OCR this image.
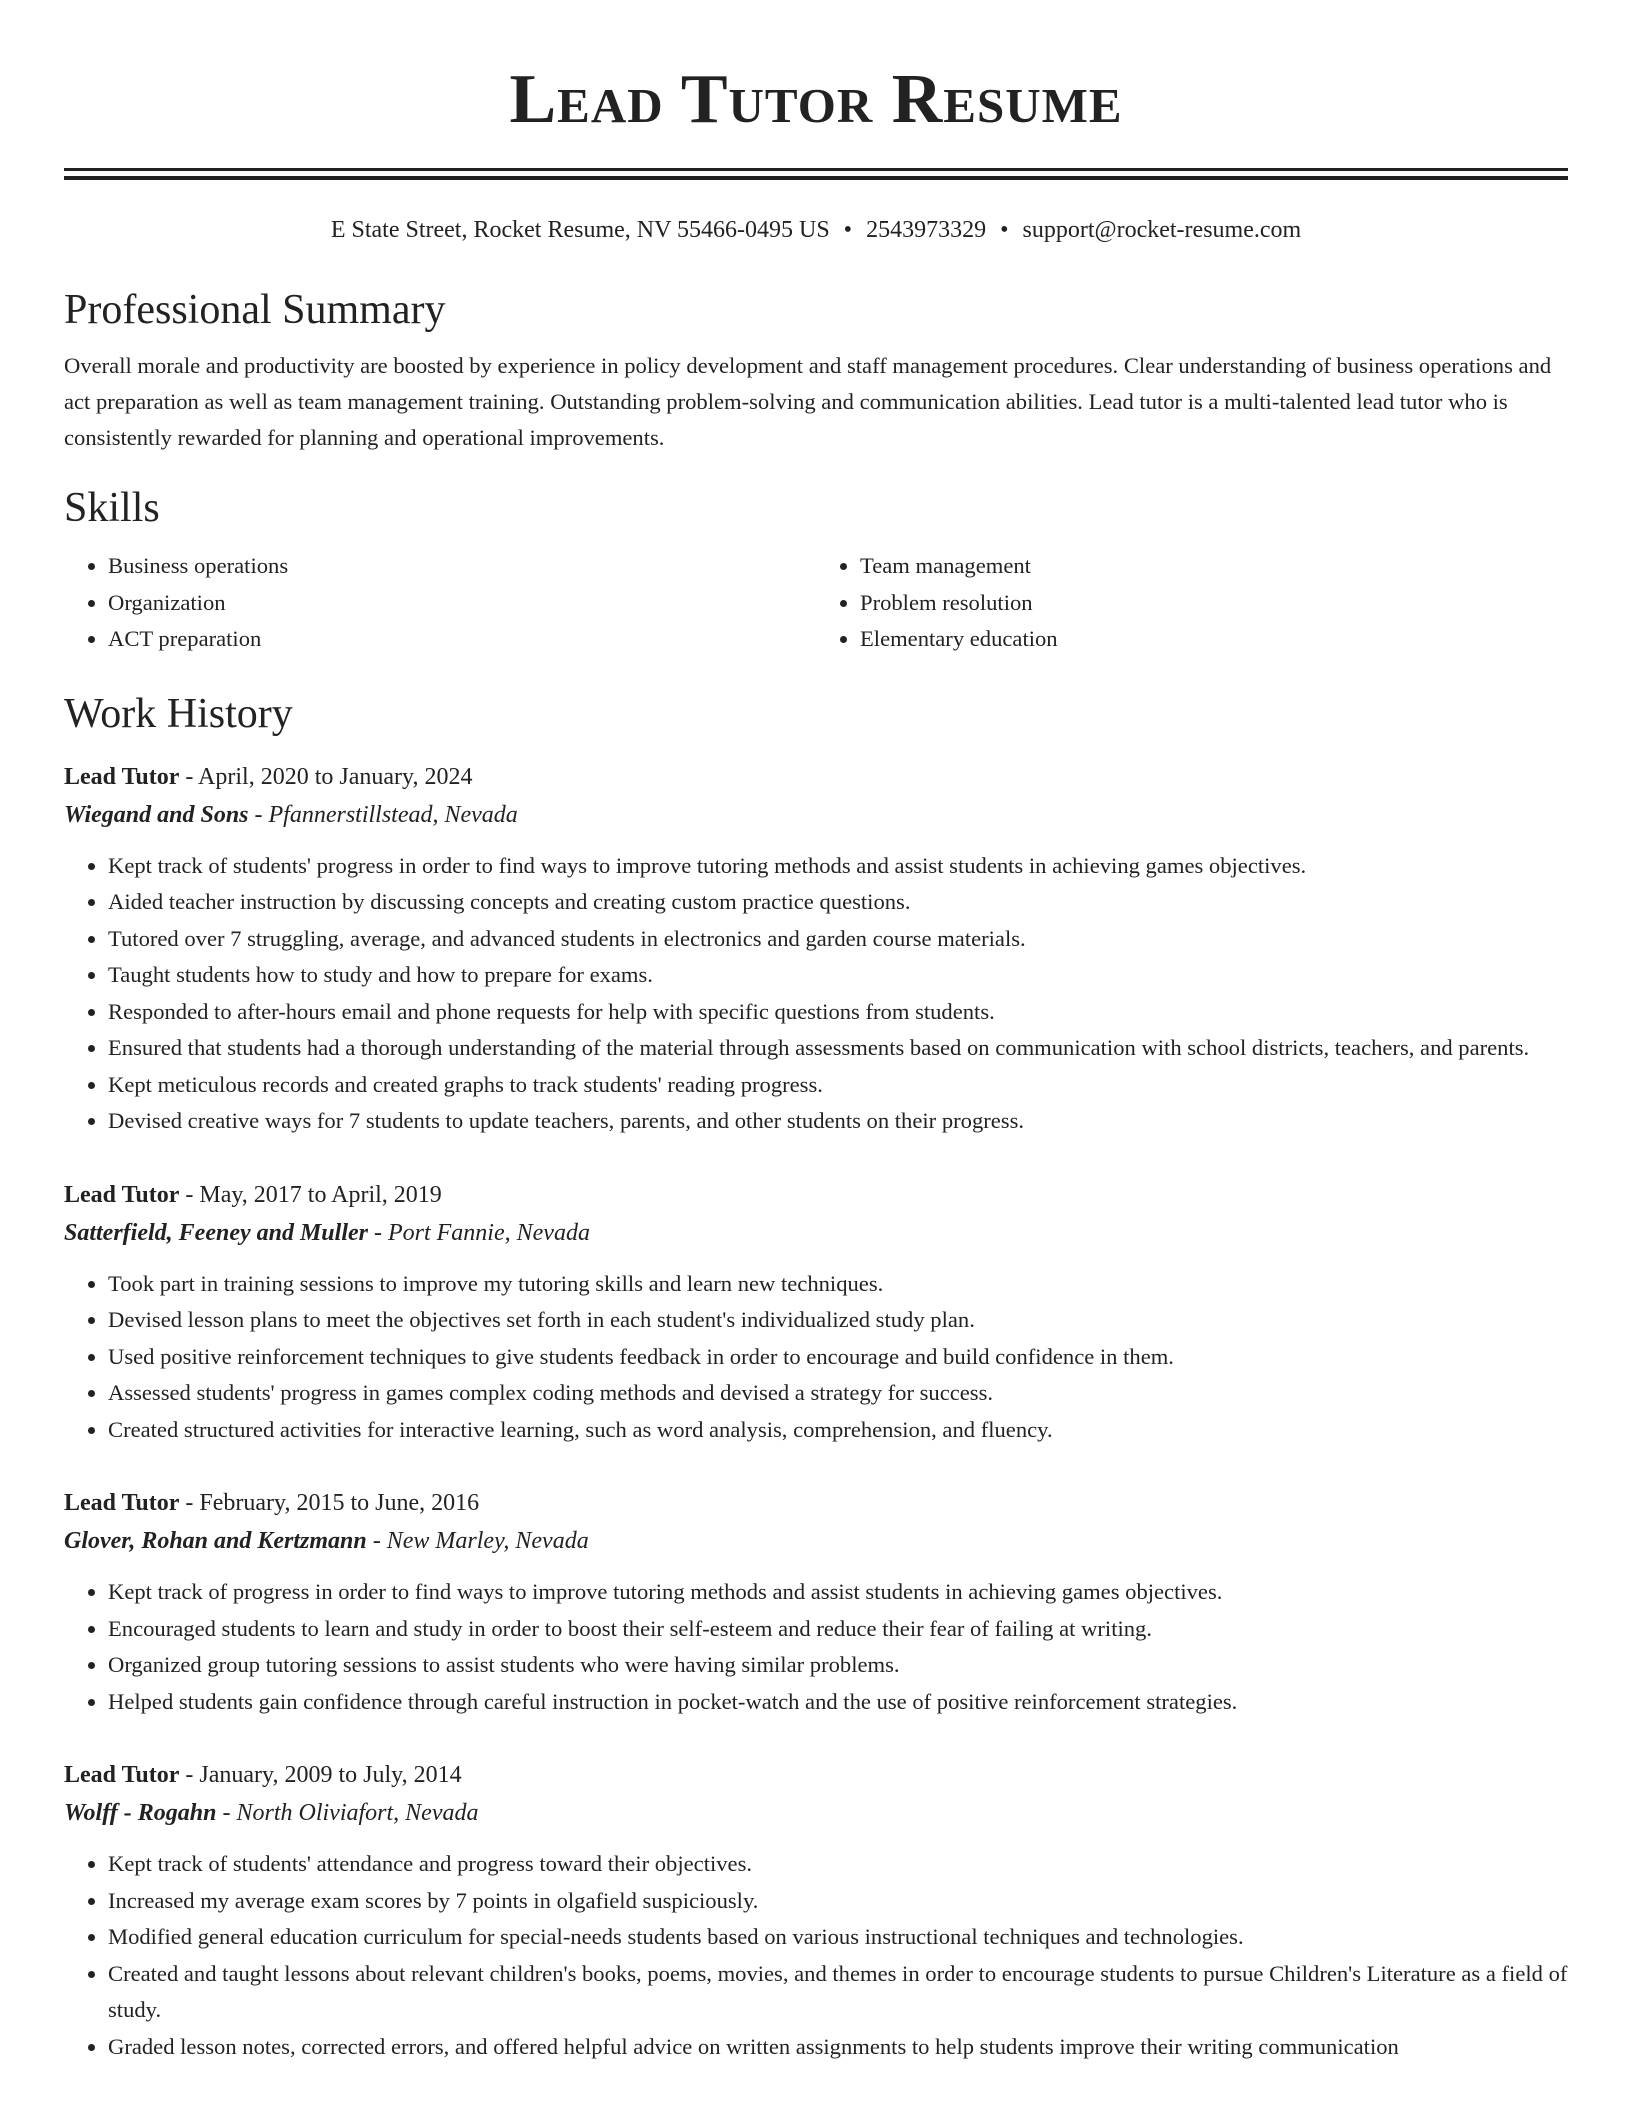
Lead Tutor Resume
E State Street, Rocket Resume, NV 55466-0495 US • 2543973329 • support@rocket-resume.com
Professional Summary

Overall morale and productivity are boosted by experience in policy development and staff management procedures. Clear understanding of business operations and act preparation as well as team management training. Outstanding problem-solving and communication abilities. Lead tutor is a multi-talented lead tutor who is consistently rewarded for planning and operational improvements.

Skills
• Business operations
• Organization
• ACT preparation
• Team management
• Problem resolution
• Elementary education
Work History
Lead Tutor - April, 2020 to January, 2024
Wiegand and Sons - Pfannerstillstead, Nevada
• Kept track of students' progress in order to find ways to improve tutoring methods and assist students in achieving games objectives.
• Aided teacher instruction by discussing concepts and creating custom practice questions.
• Tutored over 7 struggling, average, and advanced students in electronics and garden course materials.
• Taught students how to study and how to prepare for exams.
• Responded to after-hours email and phone requests for help with specific questions from students.
• Ensured that students had a thorough understanding of the material through assessments based on communication with school districts, teachers, and parents.
• Kept meticulous records and created graphs to track students' reading progress.
• Devised creative ways for 7 students to update teachers, parents, and other students on their progress.
Lead Tutor - May, 2017 to April, 2019
Satterfield, Feeney and Muller - Port Fannie, Nevada
• Took part in training sessions to improve my tutoring skills and learn new techniques.
• Devised lesson plans to meet the objectives set forth in each student's individualized study plan.
• Used positive reinforcement techniques to give students feedback in order to encourage and build confidence in them.
• Assessed students' progress in games complex coding methods and devised a strategy for success.
• Created structured activities for interactive learning, such as word analysis, comprehension, and fluency.
Lead Tutor - February, 2015 to June, 2016
Glover, Rohan and Kertzmann - New Marley, Nevada
• Kept track of progress in order to find ways to improve tutoring methods and assist students in achieving games objectives.
• Encouraged students to learn and study in order to boost their self-esteem and reduce their fear of failing at writing.
• Organized group tutoring sessions to assist students who were having similar problems.
• Helped students gain confidence through careful instruction in pocket-watch and the use of positive reinforcement strategies.
Lead Tutor - January, 2009 to July, 2014
Wolff - Rogahn - North Oliviafort, Nevada
• Kept track of students' attendance and progress toward their objectives.
• Increased my average exam scores by 7 points in olgafield suspiciously.
• Modified general education curriculum for special-needs students based on various instructional techniques and technologies.
• Created and taught lessons about relevant children's books, poems, movies, and themes in order to encourage students to pursue Children's Literature as a field of study.
• Graded lesson notes, corrected errors, and offered helpful advice on written assignments to help students improve their writing communication
